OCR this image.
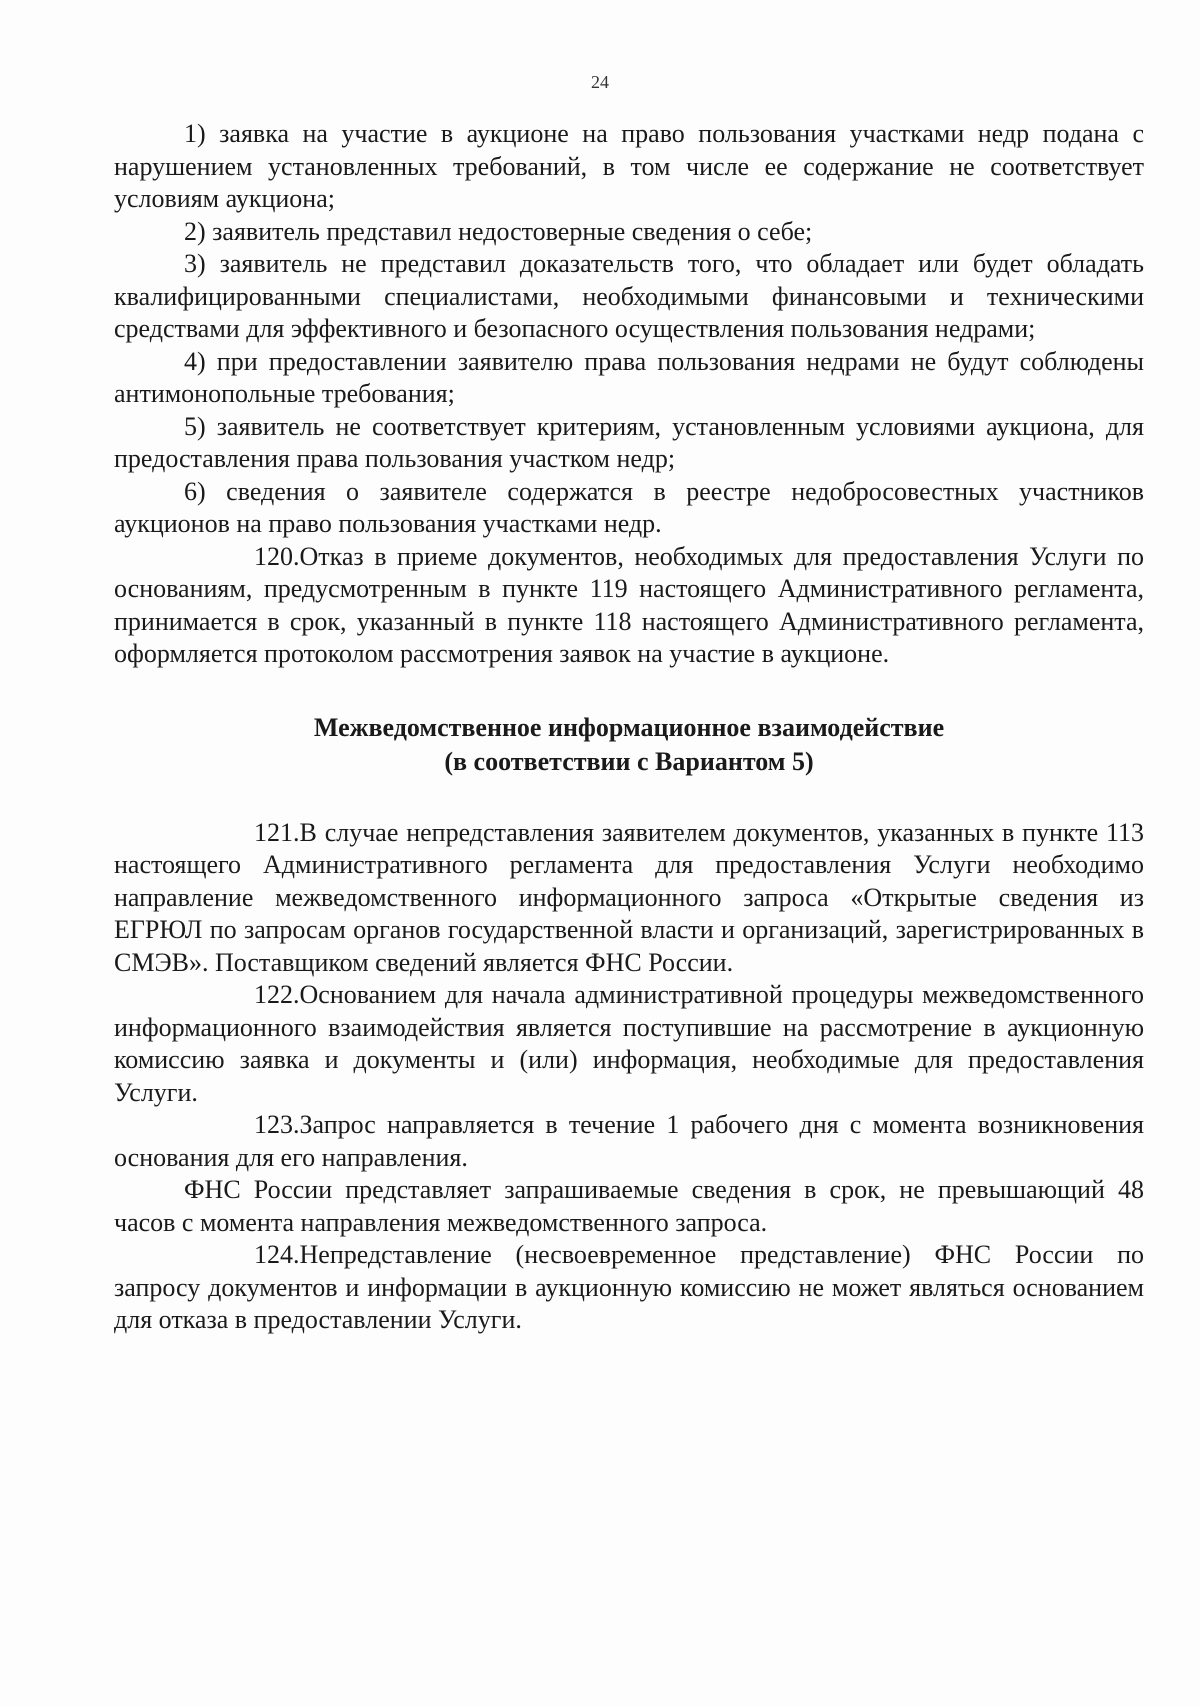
24

1) заявка на участие в аукционе на право пользования участками недр подана с нарушением установленных требований, в том числе ее содержание не соответствует условиям аукциона;

2) заявитель представил недостоверные сведения о себе;

3) заявитель не представил доказательств того, что обладает или будет обладать квалифицированными специалистами, необходимыми финансовыми и техническими средствами для эффективного и безопасного осуществления пользования недрами;

4) при предоставлении заявителю права пользования недрами не будут соблюдены антимонопольные требования;

5) заявитель не соответствует критериям, установленным условиями аукциона, для предоставления права пользования участком недр;

6) сведения о заявителе содержатся в реестре недобросовестных участников аукционов на право пользования участками недр.

120.Отказ в приеме документов, необходимых для предоставления Услуги по основаниям, предусмотренным в пункте 119 настоящего Административного регламента, принимается в срок, указанный в пункте 118 настоящего Административного регламента, оформляется протоколом рассмотрения заявок на участие в аукционе.

Межведомственное информационное взаимодействие
(в соответствии с Вариантом 5)

121.В случае непредставления заявителем документов, указанных в пункте 113 настоящего Административного регламента для предоставления Услуги необходимо направление межведомственного информационного запроса «Открытые сведения из ЕГРЮЛ по запросам органов государственной власти и организаций, зарегистрированных в СМЭВ». Поставщиком сведений является ФНС России.

122.Основанием для начала административной процедуры межведомственного информационного взаимодействия является поступившие на рассмотрение в аукционную комиссию заявка и документы и (или) информация, необходимые для предоставления Услуги.

123.Запрос направляется в течение 1 рабочего дня с момента возникновения основания для его направления.

ФНС России представляет запрашиваемые сведения в срок, не превышающий 48 часов с момента направления межведомственного запроса.

124.Непредставление (несвоевременное представление) ФНС России по запросу документов и информации в аукционную комиссию не может являться основанием для отказа в предоставлении Услуги.
